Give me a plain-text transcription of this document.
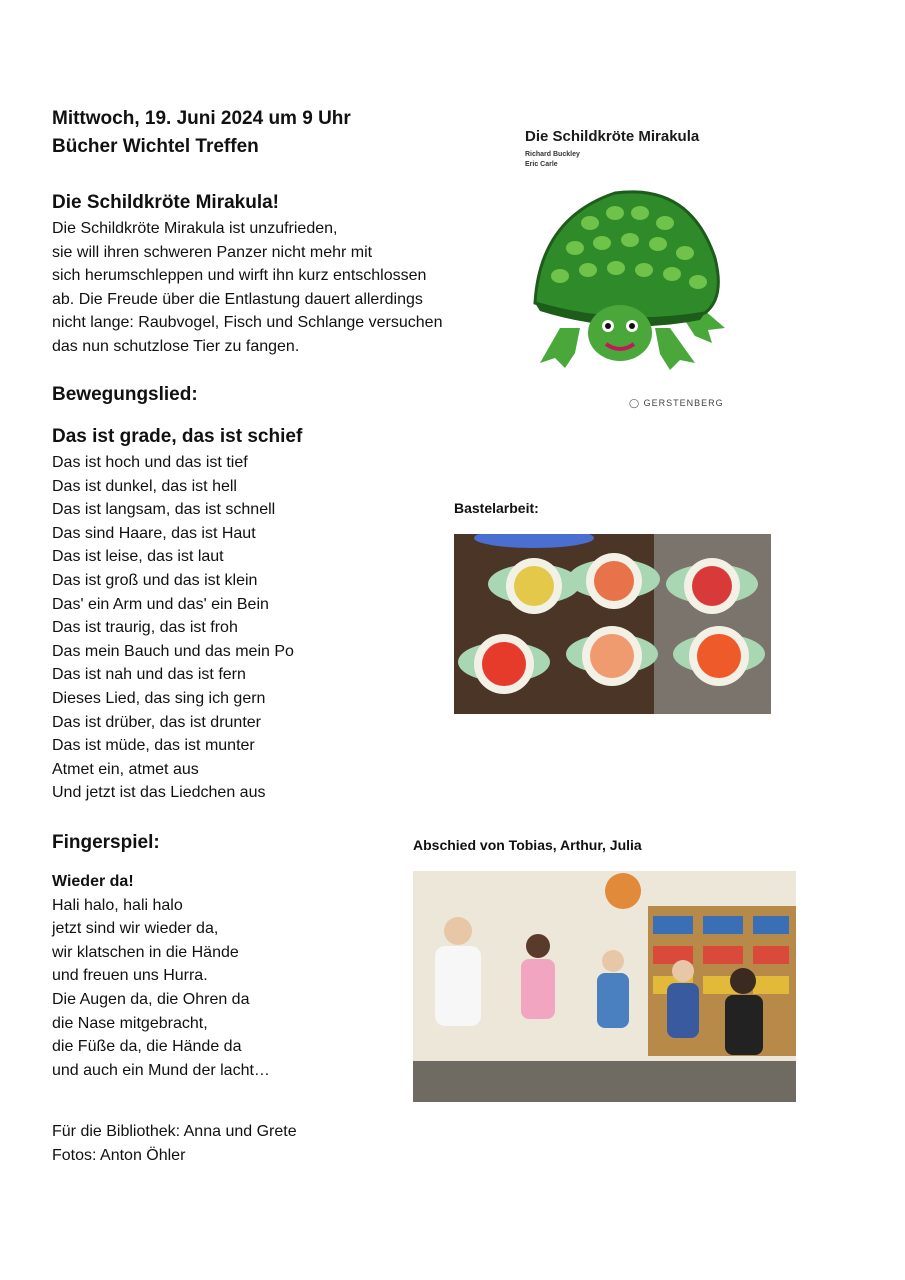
Mittwoch, 19. Juni 2024 um 9 Uhr

Bücher Wichtel Treffen

Die Schildkröte Mirakula!

Die Schildkröte Mirakula ist unzufrieden,
sie will ihren schweren Panzer nicht mehr mit
sich herumschleppen und wirft ihn kurz entschlossen
ab. Die Freude über die Entlastung dauert allerdings
nicht lange: Raubvogel, Fisch und Schlange versuchen
das nun schutzlose Tier zu fangen.
Die Schildkröte Mirakula
Richard Buckley
Eric Carle
◯ GERSTENBERG

Bewegungslied:

Das ist grade, das ist schief

Das ist hoch und das ist tief
Das ist dunkel, das ist hell
Das ist langsam, das ist schnell
Das sind Haare, das ist Haut
Das ist leise, das ist laut
Das ist groß und das ist klein
Das' ein Arm und das' ein Bein
Das ist traurig, das ist froh
Das mein Bauch und das mein Po
Das ist nah und das ist fern
Dieses Lied, das sing ich gern
Das ist drüber, das ist drunter
Das ist müde, das ist munter
Atmet ein, atmet aus
Und jetzt ist das Liedchen aus

Bastelarbeit:

Fingerspiel:

Wieder da!

Hali halo, hali halo
jetzt sind wir wieder da,
wir klatschen in die Hände
und freuen uns Hurra.
Die Augen da, die Ohren da
die Nase mitgebracht,
die Füße da, die Hände da
und auch ein Mund der lacht…

Abschied von Tobias, Arthur, Julia

Für die Bibliothek: Anna und Grete
Fotos: Anton Öhler
